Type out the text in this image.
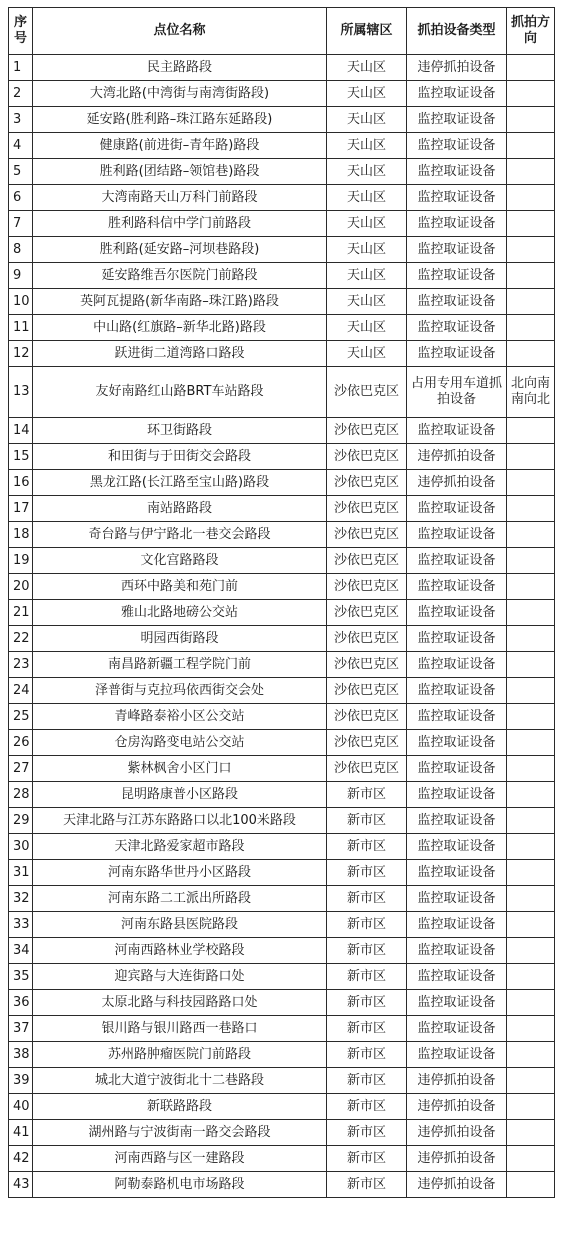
序号	点位名称	所属辖区	抓拍设备类型	抓拍方向
1	民主路路段	天山区	违停抓拍设备	
2	大湾北路(中湾街与南湾街路段)	天山区	监控取证设备	
3	延安路(胜利路–珠江路东延路段)	天山区	监控取证设备	
4	健康路(前进街–青年路)路段	天山区	监控取证设备	
5	胜利路(团结路–领馆巷)路段	天山区	监控取证设备	
6	大湾南路天山万科门前路段	天山区	监控取证设备	
7	胜利路科信中学门前路段	天山区	监控取证设备	
8	胜利路(延安路–河坝巷路段)	天山区	监控取证设备	
9	延安路维吾尔医院门前路段	天山区	监控取证设备	
10	英阿瓦提路(新华南路–珠江路)路段	天山区	监控取证设备	
11	中山路(红旗路–新华北路)路段	天山区	监控取证设备	
12	跃进街二道湾路口路段	天山区	监控取证设备	
13	友好南路红山路BRT车站路段	沙依巴克区	占用专用车道抓拍设备	北向南南向北
14	环卫街路段	沙依巴克区	监控取证设备	
15	和田街与于田街交会路段	沙依巴克区	违停抓拍设备	
16	黑龙江路(长江路至宝山路)路段	沙依巴克区	违停抓拍设备	
17	南站路路段	沙依巴克区	监控取证设备	
18	奇台路与伊宁路北一巷交会路段	沙依巴克区	监控取证设备	
19	文化宫路路段	沙依巴克区	监控取证设备	
20	西环中路美和苑门前	沙依巴克区	监控取证设备	
21	雅山北路地磅公交站	沙依巴克区	监控取证设备	
22	明园西街路段	沙依巴克区	监控取证设备	
23	南昌路新疆工程学院门前	沙依巴克区	监控取证设备	
24	泽普街与克拉玛依西街交会处	沙依巴克区	监控取证设备	
25	青峰路泰裕小区公交站	沙依巴克区	监控取证设备	
26	仓房沟路变电站公交站	沙依巴克区	监控取证设备	
27	紫林枫舍小区门口	沙依巴克区	监控取证设备	
28	昆明路康普小区路段	新市区	监控取证设备	
29	天津北路与江苏东路路口以北100米路段	新市区	监控取证设备	
30	天津北路爱家超市路段	新市区	监控取证设备	
31	河南东路华世丹小区路段	新市区	监控取证设备	
32	河南东路二工派出所路段	新市区	监控取证设备	
33	河南东路县医院路段	新市区	监控取证设备	
34	河南西路林业学校路段	新市区	监控取证设备	
35	迎宾路与大连街路口处	新市区	监控取证设备	
36	太原北路与科技园路路口处	新市区	监控取证设备	
37	银川路与银川路西一巷路口	新市区	监控取证设备	
38	苏州路肿瘤医院门前路段	新市区	监控取证设备	
39	城北大道宁波街北十二巷路段	新市区	违停抓拍设备	
40	新联路路段	新市区	违停抓拍设备	
41	湖州路与宁波街南一路交会路段	新市区	违停抓拍设备	
42	河南西路与区一建路段	新市区	违停抓拍设备	
43	阿勒泰路机电市场路段	新市区	违停抓拍设备	
